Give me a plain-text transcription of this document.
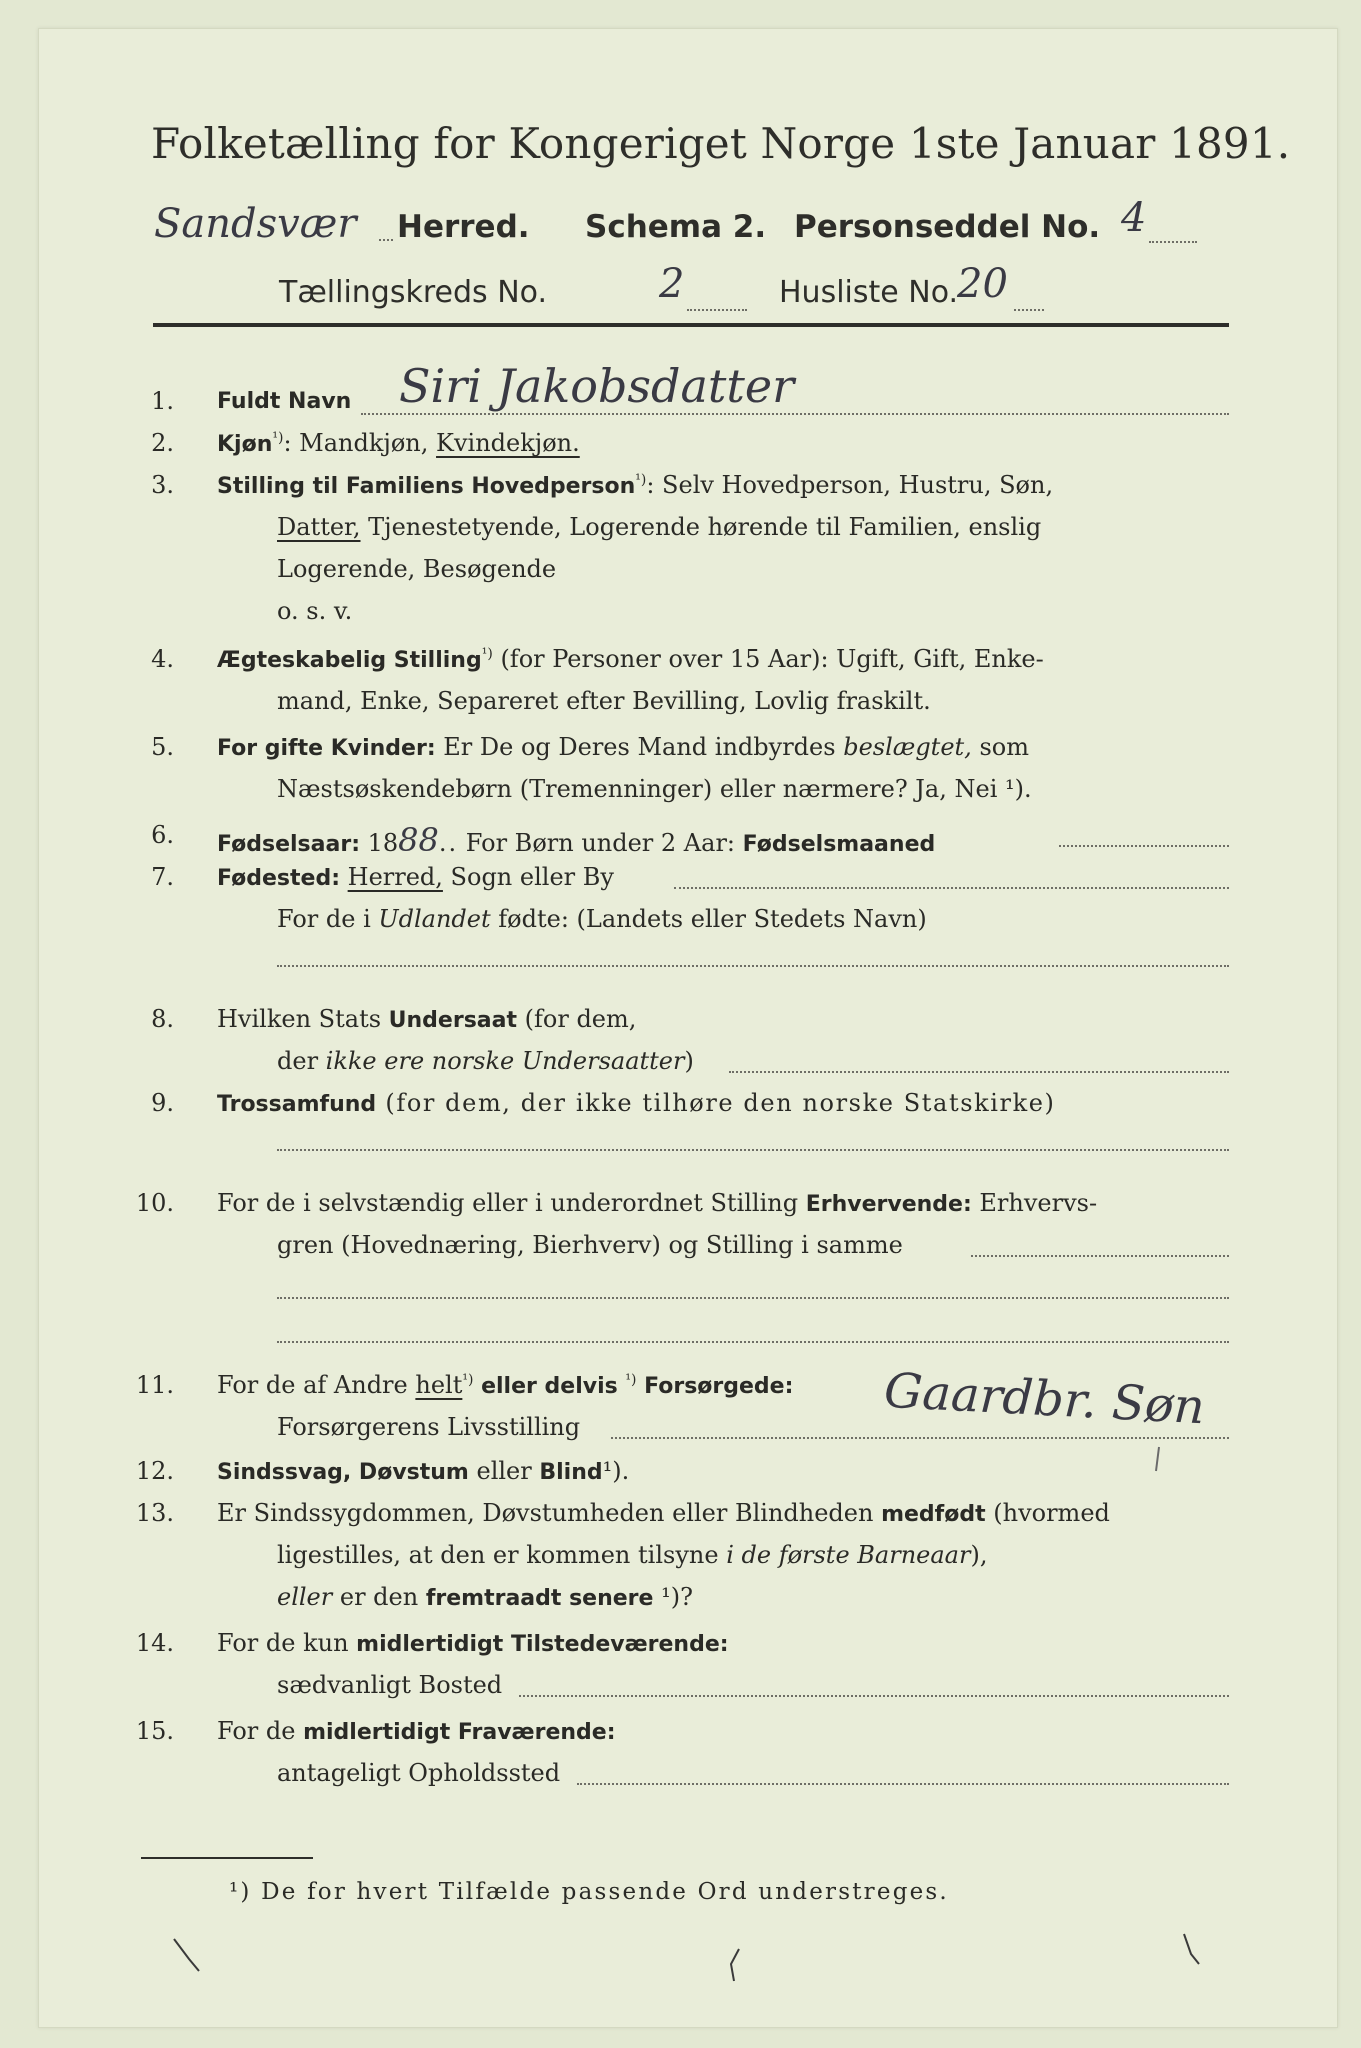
Folketælling for Kongeriget Norge 1ste Januar 1891.
Sandsvær Herred. Schema 2. Personseddel No. 4
Tællingskreds No.	2	Husliste No.
20
1. Fuldt Navn Siri Jakobsdatter
2. Kjøn$^{^1)}$: Mandkjøn, Kvindekjøn.
3. Stilling til Familiens Hovedperson$^{^1)}$: Selv Hovedperson, Hustru, Søn,
Datter, Tjenestetyende, Logerende hørende til Familien, enslig
Logerende, Besøgende
o. s. v.
4. Ægteskabelig Stilling$^{^1)}$ (for Personer over 15 Aar): Ugift, Gift, Enke-
mand, Enke, Separeret efter Bevilling, Lovlig fraskilt.
5. For gifte Kvinder: Er De og Deres Mand indbyrdes beslægtet, som
Næstsøskendebørn (Tremenninger) eller nærmere? Ja, Nei ¹).
6. Fødselsaar: 1888.. For Børn under 2 Aar: Fødselsmaaned
7. Fødested: Herred, Sogn eller By
For de i Udlandet fødte: (Landets eller Stedets Navn)
8. Hvilken Stats Undersaat (for dem,
der ikke ere norske Undersaatter)
9. Trossamfund (for dem, der ikke tilhøre den norske Statskirke)
10. For de i selvstændig eller i underordnet Stilling Erhvervende: Erhvervs-
gren (Hovednæring, Bierhverv) og Stilling i samme
11. For de af Andre helt$^{^1)}$ eller delvis $^{^1)}$ Forsørgede:
Forsørgerens Livsstilling	Gaardbr. Søn
12. Sindssvag, Døvstum eller Blind¹).
13. Er Sindssygdommen, Døvstumheden eller Blindheden medfødt (hvormed
ligestilles, at den er kommen tilsyne i de første Barneaar),
eller er den fremtraadt senere ¹)?
14. For de kun midlertidigt Tilstedeværende:
sædvanligt Bosted
15. For de midlertidigt Fraværende:
antageligt Opholdssted
¹) De for hvert Tilfælde passende Ord understreges.
